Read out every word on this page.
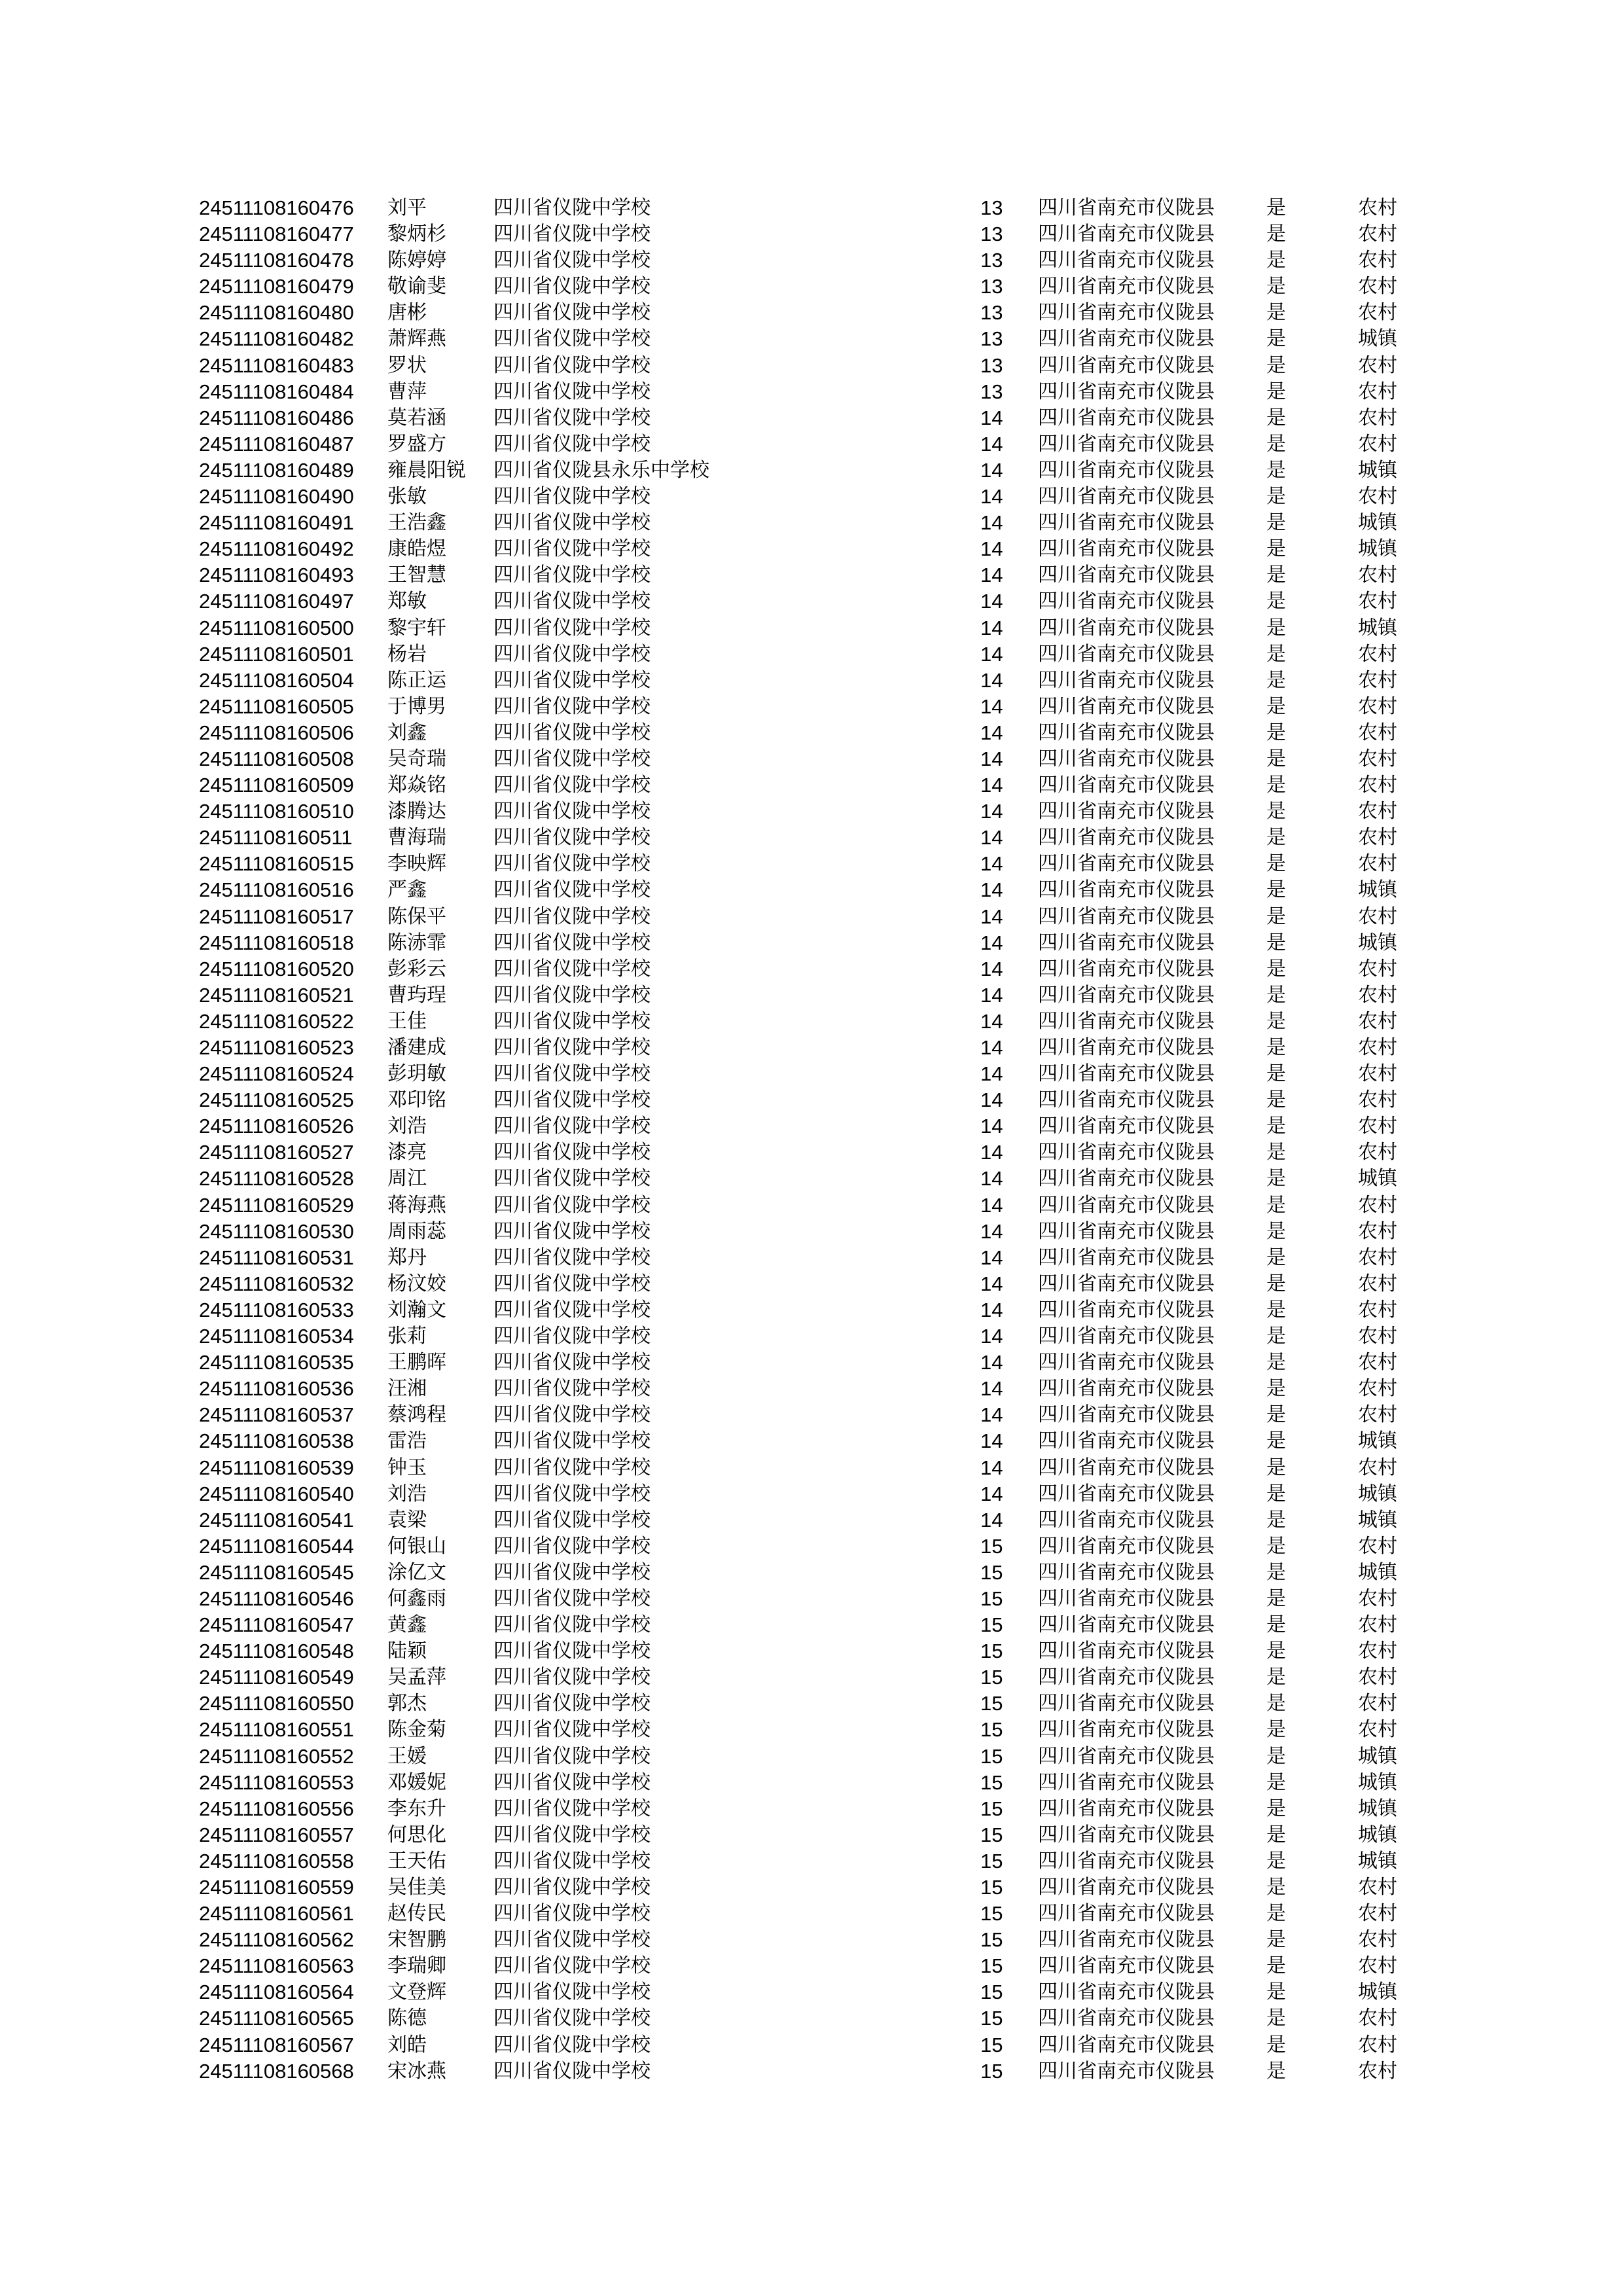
24511108160476 刘平	四川省仪陇中学校	13 四川省南充市仪陇县	是	农村
24511108160477 黎炳杉 四川省仪陇中学校	13 四川省南充市仪陇县	是	农村
24511108160478 陈婷婷 四川省仪陇中学校	13 四川省南充市仪陇县	是	农村
24511108160479 敬谕斐 四川省仪陇中学校	13 四川省南充市仪陇县	是	农村
24511108160480 唐彬	四川省仪陇中学校	13 四川省南充市仪陇县	是	农村
24511108160482 萧辉燕 四川省仪陇中学校	13 四川省南充市仪陇县	是	城镇
24511108160483 罗状	四川省仪陇中学校	13 四川省南充市仪陇县	是	农村
24511108160484 曹萍	四川省仪陇中学校	13 四川省南充市仪陇县	是	农村
24511108160486 莫若涵 四川省仪陇中学校	14 四川省南充市仪陇县	是	农村
24511108160487 罗盛方 四川省仪陇中学校	14 四川省南充市仪陇县	是	农村
24511108160489 雍晨阳锐 四川省仪陇县永乐中学校	14 四川省南充市仪陇县	是	城镇
24511108160490 张敏	四川省仪陇中学校	14 四川省南充市仪陇县	是	农村
24511108160491 王浩鑫 四川省仪陇中学校	14 四川省南充市仪陇县	是	城镇
24511108160492 康皓煜 四川省仪陇中学校	14 四川省南充市仪陇县	是	城镇
24511108160493 王智慧 四川省仪陇中学校	14 四川省南充市仪陇县	是	农村
24511108160497 郑敏	四川省仪陇中学校	14 四川省南充市仪陇县	是	农村
24511108160500 黎宇轩 四川省仪陇中学校	14 四川省南充市仪陇县	是	城镇
24511108160501 杨岩	四川省仪陇中学校	14 四川省南充市仪陇县	是	农村
24511108160504 陈正运 四川省仪陇中学校	14 四川省南充市仪陇县	是	农村
24511108160505 于博男 四川省仪陇中学校	14 四川省南充市仪陇县	是	农村
24511108160506 刘鑫	四川省仪陇中学校	14 四川省南充市仪陇县	是	农村
24511108160508 吴奇瑞 四川省仪陇中学校	14 四川省南充市仪陇县	是	农村
24511108160509 郑焱铭 四川省仪陇中学校	14 四川省南充市仪陇县	是	农村
24511108160510 漆腾达 四川省仪陇中学校	14 四川省南充市仪陇县	是	农村
24511108160511 曹海瑞 四川省仪陇中学校	14 四川省南充市仪陇县	是	农村
24511108160515 李映辉 四川省仪陇中学校	14 四川省南充市仪陇县	是	农村
24511108160516 严鑫	四川省仪陇中学校	14 四川省南充市仪陇县	是	城镇
24511108160517 陈保平 四川省仪陇中学校	14 四川省南充市仪陇县	是	农村
24511108160518 陈浾霏 四川省仪陇中学校	14 四川省南充市仪陇县	是	城镇
24511108160520 彭彩云 四川省仪陇中学校	14 四川省南充市仪陇县	是	农村
24511108160521 曹玙珵 四川省仪陇中学校	14 四川省南充市仪陇县	是	农村
24511108160522 王佳	四川省仪陇中学校	14 四川省南充市仪陇县	是	农村
24511108160523 潘建成 四川省仪陇中学校	14 四川省南充市仪陇县	是	农村
24511108160524 彭玥敏 四川省仪陇中学校	14 四川省南充市仪陇县	是	农村
24511108160525 邓印铭 四川省仪陇中学校	14 四川省南充市仪陇县	是	农村
24511108160526 刘浩	四川省仪陇中学校	14 四川省南充市仪陇县	是	农村
24511108160527 漆亮	四川省仪陇中学校	14 四川省南充市仪陇县	是	农村
24511108160528 周江	四川省仪陇中学校	14 四川省南充市仪陇县	是	城镇
24511108160529 蒋海燕 四川省仪陇中学校	14 四川省南充市仪陇县	是	农村
24511108160530 周雨蕊 四川省仪陇中学校	14 四川省南充市仪陇县	是	农村
24511108160531 郑丹	四川省仪陇中学校	14 四川省南充市仪陇县	是	农村
24511108160532 杨汶姣 四川省仪陇中学校	14 四川省南充市仪陇县	是	农村
24511108160533 刘瀚文 四川省仪陇中学校	14 四川省南充市仪陇县	是	农村
24511108160534 张莉	四川省仪陇中学校	14 四川省南充市仪陇县	是	农村
24511108160535 王鹏晖 四川省仪陇中学校	14 四川省南充市仪陇县	是	农村
24511108160536 汪湘	四川省仪陇中学校	14 四川省南充市仪陇县	是	农村
24511108160537 蔡鸿程 四川省仪陇中学校	14 四川省南充市仪陇县	是	农村
24511108160538 雷浩	四川省仪陇中学校	14 四川省南充市仪陇县	是	城镇
24511108160539 钟玉	四川省仪陇中学校	14 四川省南充市仪陇县	是	农村
24511108160540 刘浩	四川省仪陇中学校	14 四川省南充市仪陇县	是	城镇
24511108160541 袁梁	四川省仪陇中学校	14 四川省南充市仪陇县	是	城镇
24511108160544 何银山 四川省仪陇中学校	15 四川省南充市仪陇县	是	农村
24511108160545 涂亿文 四川省仪陇中学校	15 四川省南充市仪陇县	是	城镇
24511108160546 何鑫雨 四川省仪陇中学校	15 四川省南充市仪陇县	是	农村
24511108160547 黄鑫	四川省仪陇中学校	15 四川省南充市仪陇县	是	农村
24511108160548 陆颖	四川省仪陇中学校	15 四川省南充市仪陇县	是	农村
24511108160549 吴孟萍 四川省仪陇中学校	15 四川省南充市仪陇县	是	农村
24511108160550 郭杰	四川省仪陇中学校	15 四川省南充市仪陇县	是	农村
24511108160551 陈金菊 四川省仪陇中学校	15 四川省南充市仪陇县	是	农村
24511108160552 王媛	四川省仪陇中学校	15 四川省南充市仪陇县	是	城镇
24511108160553 邓媛妮 四川省仪陇中学校	15 四川省南充市仪陇县	是	城镇
24511108160556 李东升 四川省仪陇中学校	15 四川省南充市仪陇县	是	城镇
24511108160557 何思化 四川省仪陇中学校	15 四川省南充市仪陇县	是	城镇
24511108160558 王天佑 四川省仪陇中学校	15 四川省南充市仪陇县	是	城镇
24511108160559 吴佳美 四川省仪陇中学校	15 四川省南充市仪陇县	是	农村
24511108160561 赵传民 四川省仪陇中学校	15 四川省南充市仪陇县	是	农村
24511108160562 宋智鹏 四川省仪陇中学校	15 四川省南充市仪陇县	是	农村
24511108160563 李瑞卿 四川省仪陇中学校	15 四川省南充市仪陇县	是	农村
24511108160564 文登辉 四川省仪陇中学校	15 四川省南充市仪陇县	是	城镇
24511108160565 陈德	四川省仪陇中学校	15 四川省南充市仪陇县	是	农村
24511108160567 刘皓	四川省仪陇中学校	15 四川省南充市仪陇县	是	农村
24511108160568 宋冰燕 四川省仪陇中学校	15 四川省南充市仪陇县	是	农村
